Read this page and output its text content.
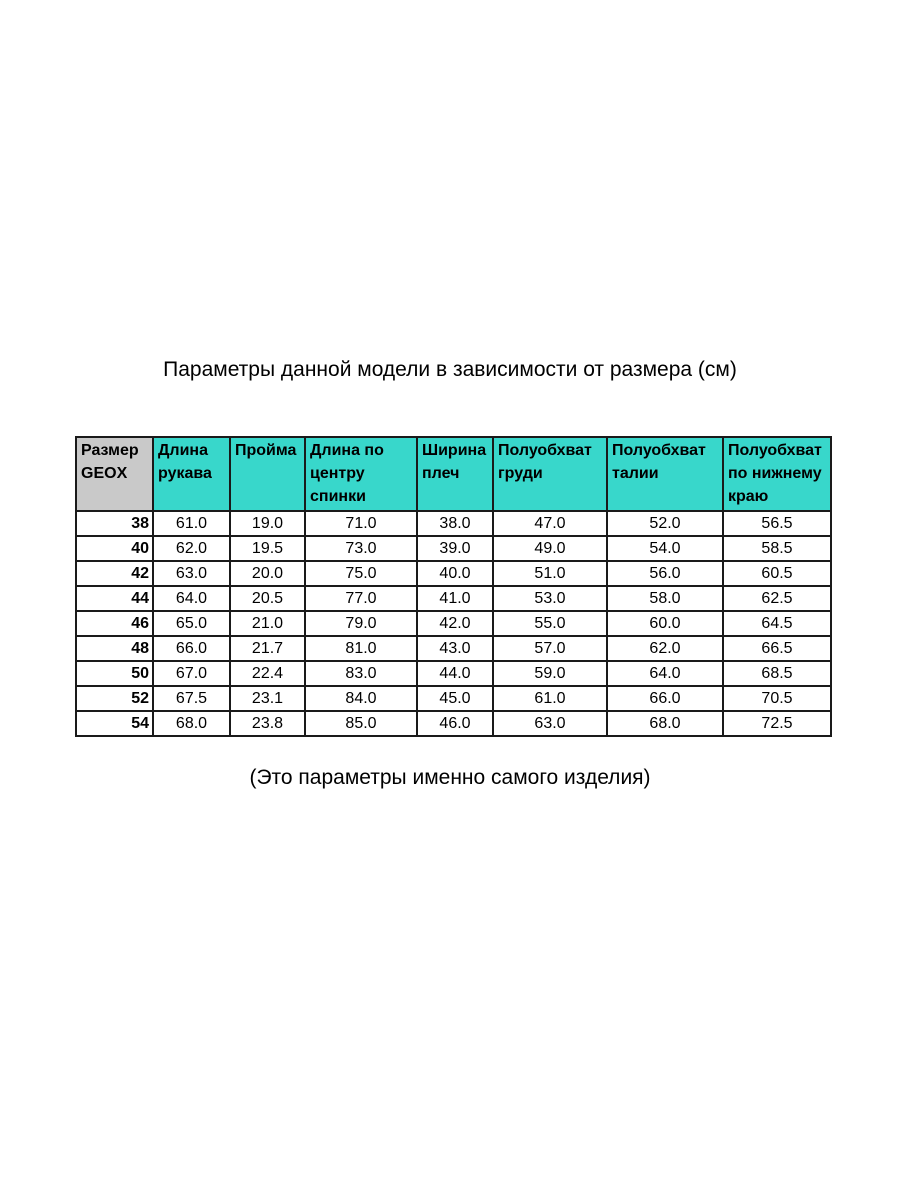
Параметры данной модели в зависимости от размера (см)
Размер GEOX	Длина рукава	Пройма	Длина по центру спинки	Ширина плеч	Полуобхват груди	Полуобхват талии	Полуобхват по нижнему краю
38	61.0	19.0	71.0	38.0	47.0	52.0	56.5
40	62.0	19.5	73.0	39.0	49.0	54.0	58.5
42	63.0	20.0	75.0	40.0	51.0	56.0	60.5
44	64.0	20.5	77.0	41.0	53.0	58.0	62.5
46	65.0	21.0	79.0	42.0	55.0	60.0	64.5
48	66.0	21.7	81.0	43.0	57.0	62.0	66.5
50	67.0	22.4	83.0	44.0	59.0	64.0	68.5
52	67.5	23.1	84.0	45.0	61.0	66.0	70.5
54	68.0	23.8	85.0	46.0	63.0	68.0	72.5
(Это параметры именно самого изделия)
